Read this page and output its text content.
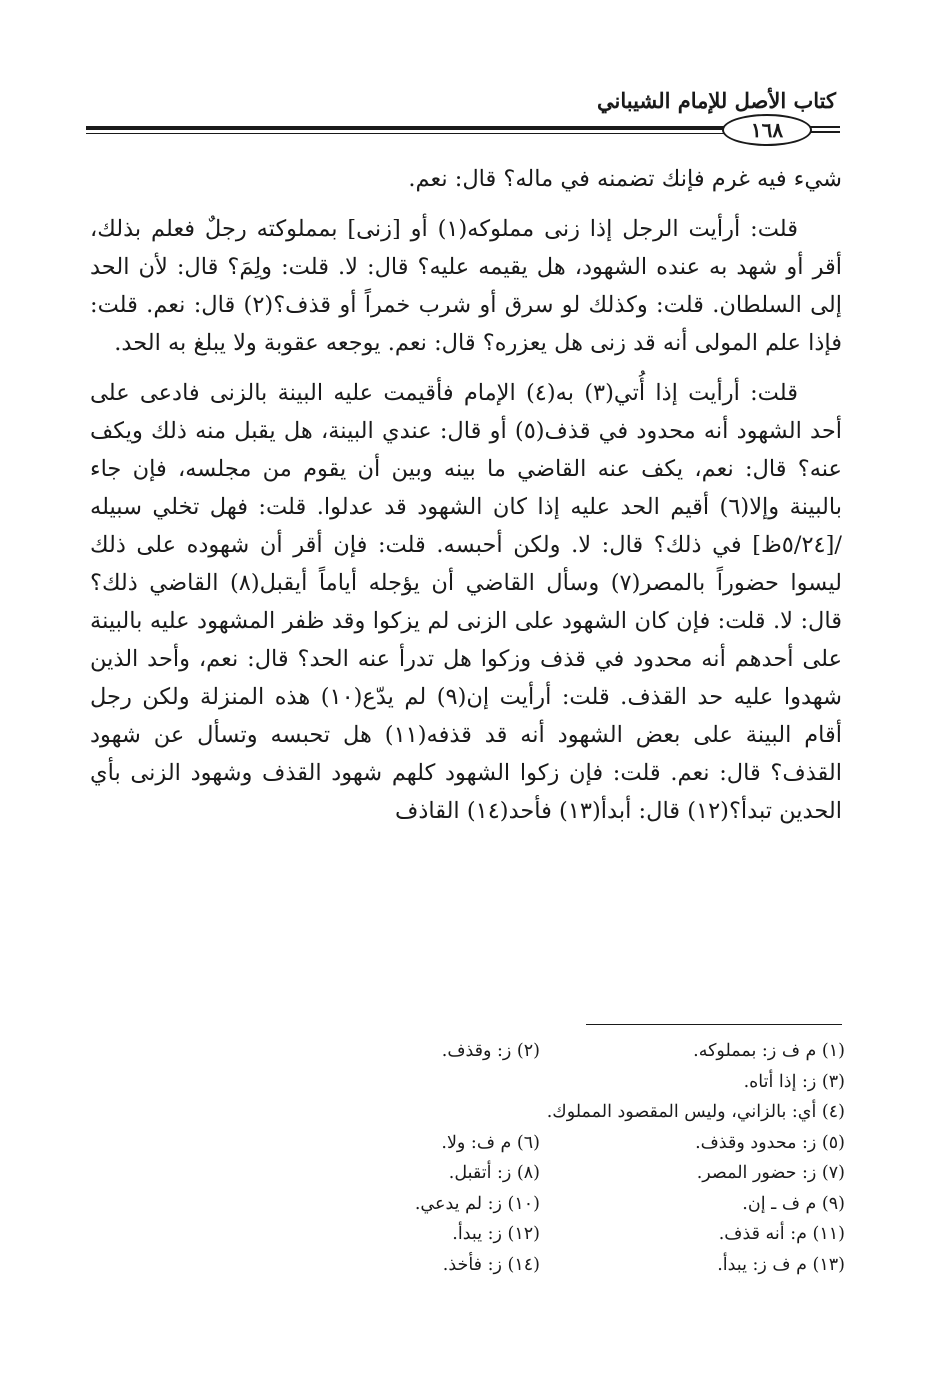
كتاب الأصل للإمام الشيباني
١٦٨

شيء فيه غرم فإنك تضمنه في ماله؟ قال: نعم.

قلت: أرأيت الرجل إذا زنى مملوكه(١) أو [زنى] بمملوكته رجلٌ فعلم بذلك، أقر أو شهد به عنده الشهود، هل يقيمه عليه؟ قال: لا. قلت: ولِمَ؟ قال: لأن الحد إلى السلطان. قلت: وكذلك لو سرق أو شرب خمراً أو قذف؟(٢) قال: نعم. قلت: فإذا علم المولى أنه قد زنى هل يعزره؟ قال: نعم. يوجعه عقوبة ولا يبلغ به الحد.

قلت: أرأيت إذا أُتي(٣) به(٤) الإمام فأقيمت عليه البينة بالزنى فادعى على أحد الشهود أنه محدود في قذف(٥) أو قال: عندي البينة، هل يقبل منه ذلك ويكف عنه؟ قال: نعم، يكف عنه القاضي ما بينه وبين أن يقوم من مجلسه، فإن جاء بالبينة وإلا(٦) أقيم الحد عليه إذا كان الشهود قد عدلوا. قلت: فهل تخلي سبيله /[٥/٢٤ظ] في ذلك؟ قال: لا. ولكن أحبسه. قلت: فإن أقر أن شهوده على ذلك ليسوا حضوراً بالمصر(٧) وسأل القاضي أن يؤجله أياماً أيقبل(٨) القاضي ذلك؟ قال: لا. قلت: فإن كان الشهود على الزنى لم يزكوا وقد ظفر المشهود عليه بالبينة على أحدهم أنه محدود في قذف وزكوا هل تدرأ عنه الحد؟ قال: نعم، وأحد الذين شهدوا عليه حد القذف. قلت: أرأيت إن(٩) لم يدّع(١٠) هذه المنزلة ولكن رجل أقام البينة على بعض الشهود أنه قد قذفه(١١) هل تحبسه وتسأل عن شهود القذف؟ قال: نعم. قلت: فإن زكوا الشهود كلهم شهود القذف وشهود الزنى بأي الحدين تبدأ؟(١٢) قال: أبدأ(١٣) فأحد(١٤) القاذف

(١) م ف ز: بمملوكه.
(٢) ز: وقذف.
(٣) ز: إذا أتاه.
(٤) أي: بالزاني، وليس المقصود المملوك.
(٥) ز: محدود وقذف.
(٦) م ف: ولا.
(٧) ز: حضور المصر.
(٨) ز: أتقبل.
(٩) م ف ـ إن.
(١٠) ز: لم يدعي.
(١١) م: أنه قذف.
(١٢) ز: يبدأ.
(١٣) م ف ز: يبدأ.
(١٤) ز: فأخذ.
